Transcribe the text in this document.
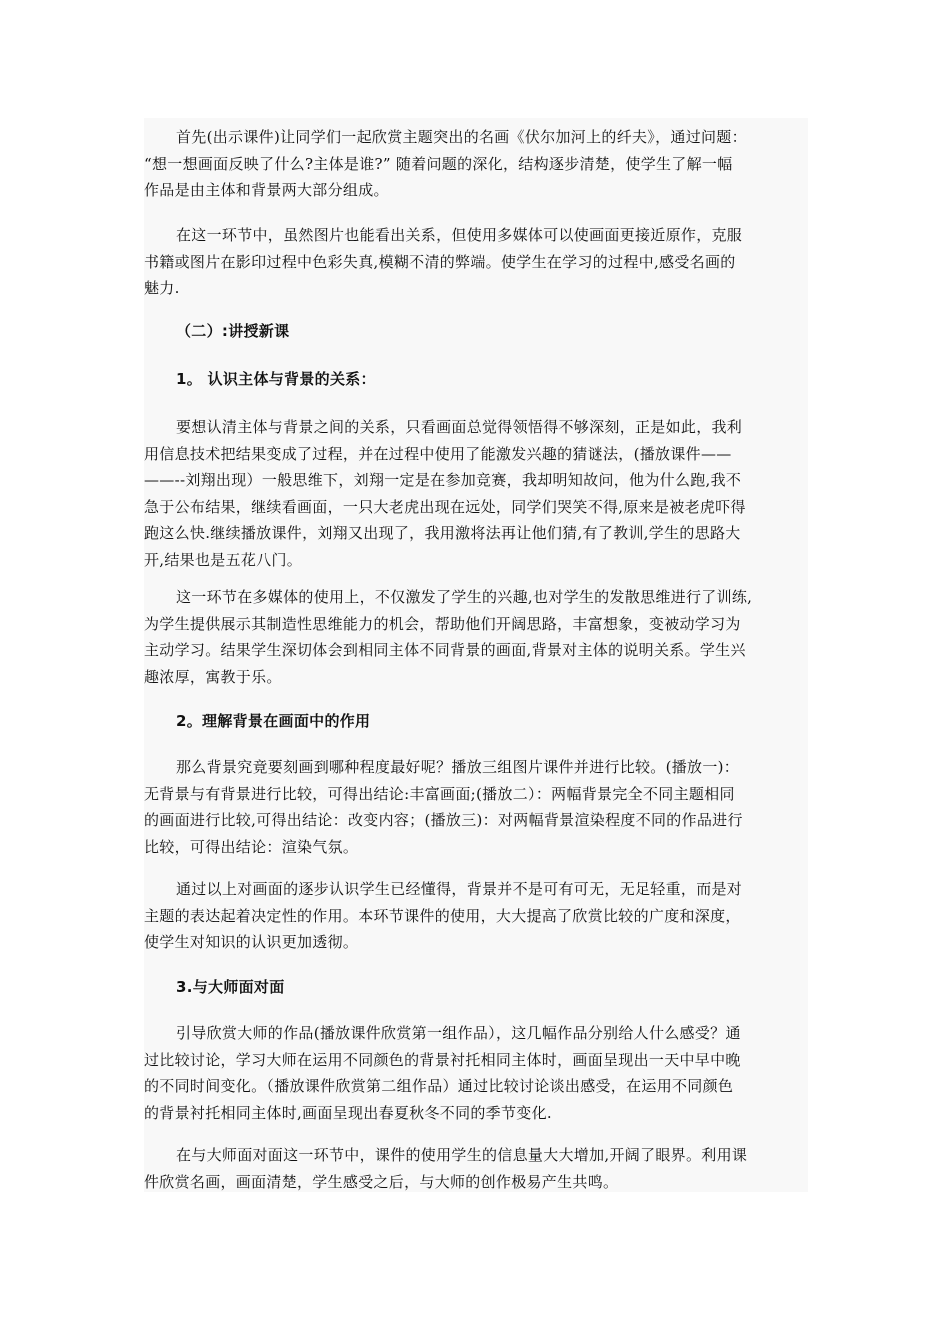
首先(出示课件)让同学们一起欣赏主题突出的名画《伏尔加河上的纤夫》，通过问题：
“想一想画面反映了什么?主体是谁?” 随着问题的深化，结构逐步清楚，使学生了解一幅
作品是由主体和背景两大部分组成。

在这一环节中，虽然图片也能看出关系，但使用多媒体可以使画面更接近原作，克服
书籍或图片在影印过程中色彩失真,模糊不清的弊端。使学生在学习的过程中,感受名画的
魅力.

（二）:讲授新课
1。 认识主体与背景的关系：

要想认清主体与背景之间的关系，只看画面总觉得领悟得不够深刻，正是如此，我利
用信息技术把结果变成了过程，并在过程中使用了能激发兴趣的猜谜法，(播放课件——
——--刘翔出现）一般思维下，刘翔一定是在参加竞赛，我却明知故问，他为什么跑,我不
急于公布结果，继续看画面，一只大老虎出现在远处，同学们哭笑不得,原来是被老虎吓得
跑这么快.继续播放课件，刘翔又出现了，我用激将法再让他们猜,有了教训,学生的思路大
开,结果也是五花八门。

这一环节在多媒体的使用上，不仅激发了学生的兴趣,也对学生的发散思维进行了训练,
为学生提供展示其制造性思维能力的机会，帮助他们开阔思路，丰富想象，变被动学习为
主动学习。结果学生深切体会到相同主体不同背景的画面,背景对主体的说明关系。学生兴
趣浓厚，寓教于乐。

2。理解背景在画面中的作用

那么背景究竟要刻画到哪种程度最好呢？播放三组图片课件并进行比较。(播放一)：
无背景与有背景进行比较，可得出结论:丰富画面;(播放二）：两幅背景完全不同主题相同
的画面进行比较,可得出结论：改变内容；(播放三)：对两幅背景渲染程度不同的作品进行
比较，可得出结论：渲染气氛。

通过以上对画面的逐步认识学生已经懂得，背景并不是可有可无，无足轻重，而是对
主题的表达起着决定性的作用。本环节课件的使用，大大提高了欣赏比较的广度和深度，
使学生对知识的认识更加透彻。

3.与大师面对面

引导欣赏大师的作品(播放课件欣赏第一组作品），这几幅作品分别给人什么感受？通
过比较讨论，学习大师在运用不同颜色的背景衬托相同主体时，画面呈现出一天中早中晚
的不同时间变化。（播放课件欣赏第二组作品）通过比较讨论谈出感受，在运用不同颜色
的背景衬托相同主体时,画面呈现出春夏秋冬不同的季节变化.

在与大师面对面这一环节中，课件的使用学生的信息量大大增加,开阔了眼界。利用课
件欣赏名画，画面清楚，学生感受之后，与大师的创作极易产生共鸣。
